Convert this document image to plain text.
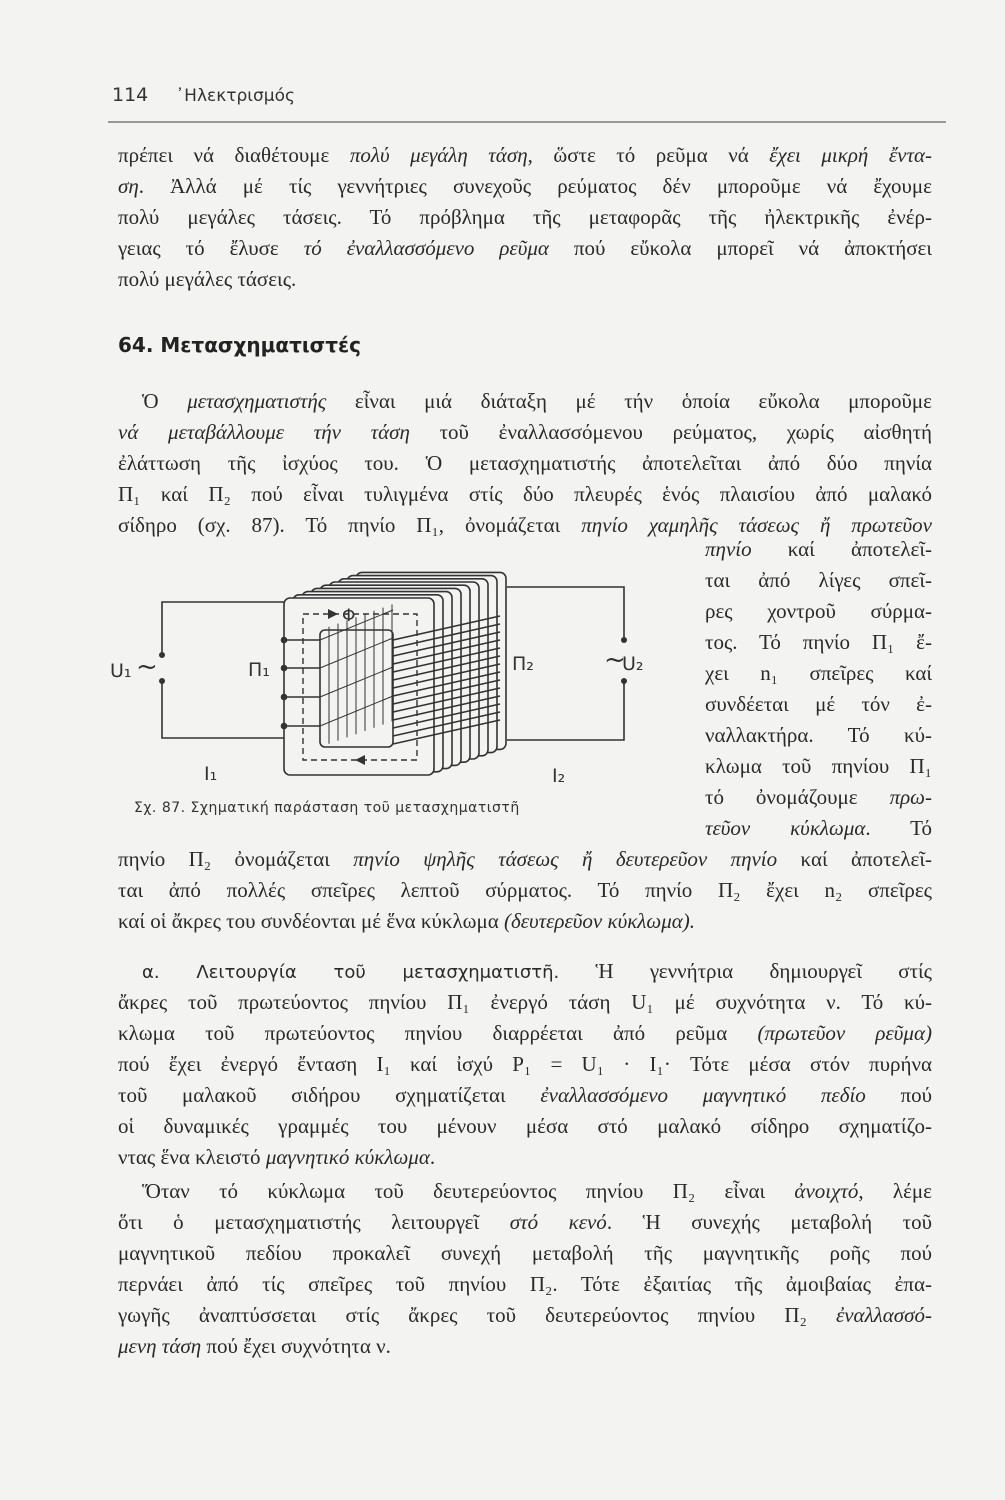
114 ᾽Ηλεκτρισμός
64. Μετασχηματιστές
πρέπει νά διαθέτουμε πολύ μεγάλη τάση, ὥστε τό ρεῦμα νά ἔχει μικρή ἔντα-
ση. Ἀλλά μέ τίς γεννήτριες συνεχοῦς ρεύματος δέν μποροῦμε νά ἔχουμε
πολύ μεγάλες τάσεις. Τό πρόβλημα τῆς μεταφορᾶς τῆς ἠλεκτρικῆς ἐνέρ-
γειας τό ἔλυσε τό ἐναλλασσόμενο ρεῦμα πού εὔκολα μπορεῖ νά ἀποκτήσει
πολύ μεγάλες τάσεις.
Ὁ μετασχηματιστής εἶναι μιά διάταξη μέ τήν ὁποία εὔκολα μποροῦμε
νά μεταβάλλουμε τήν τάση τοῦ ἐναλλασσόμενου ρεύματος, χωρίς αἰσθητή
ἐλάττωση τῆς ἰσχύος του. Ὁ μετασχηματιστής ἀποτελεῖται ἀπό δύο πηνία
Π₁ καί Π₂ πού εἶναι τυλιγμένα στίς δύο πλευρές ἑνός πλαισίου ἀπό μαλακό
σίδηρο (σχ. 87). Τό πηνίο Π₁, ὀνομάζεται πηνίο χαμηλῆς τάσεως ἤ πρωτεῦον
πηνίο καί ἀποτελεῖ-
ται ἀπό λίγες σπεῖ-
ρες χοντροῦ σύρμα-
τος. Τό πηνίο Π₁ ἔ-
χει n₁ σπεῖρες καί
συνδέεται μέ τόν ἐ-
ναλλακτήρα. Τό κύ-
κλωμα τοῦ πηνίου Π₁
τό ὀνομάζουμε πρω-
τεῦον κύκλωμα. Τό
πηνίο Π₂ ὀνομάζεται πηνίο ψηλῆς τάσεως ἤ δευτερεῦον πηνίο καί ἀποτελεῖ-
ται ἀπό πολλές σπεῖρες λεπτοῦ σύρματος. Τό πηνίο Π₂ ἔχει n₂ σπεῖρες
καί οἱ ἄκρες του συνδέονται μέ ἕνα κύκλωμα (δευτερεῦον κύκλωμα).
α. Λειτουργία τοῦ μετασχηματιστῆ. Ἡ γεννήτρια δημιουργεῖ στίς
ἄκρες τοῦ πρωτεύοντος πηνίου Π₁ ἐνεργό τάση U₁ μέ συχνότητα ν. Τό κύ-
κλωμα τοῦ πρωτεύοντος πηνίου διαρρέεται ἀπό ρεῦμα (πρωτεῦον ρεῦμα)
πού ἔχει ἐνεργό ἔνταση I₁ καί ἰσχύ P₁ = U₁ · I₁· Τότε μέσα στόν πυρήνα
τοῦ μαλακοῦ σιδήρου σχηματίζεται ἐναλλασσόμενο μαγνητικό πεδίο πού
οἱ δυναμικές γραμμές του μένουν μέσα στό μαλακό σίδηρο σχηματίζο-
ντας ἕνα κλειστό μαγνητικό κύκλωμα.
Ὅταν τό κύκλωμα τοῦ δευτερεύοντος πηνίου Π₂ εἶναι ἀνοιχτό, λέμε
ὅτι ὁ μετασχηματιστής λειτουργεῖ στό κενό. Ἡ συνεχής μεταβολή τοῦ
μαγνητικοῦ πεδίου προκαλεῖ συνεχή μεταβολή τῆς μαγνητικῆς ροῆς πού
περνάει ἀπό τίς σπεῖρες τοῦ πηνίου Π₂. Τότε ἐξαιτίας τῆς ἀμοιβαίας ἐπα-
γωγῆς ἀναπτύσσεται στίς ἄκρες τοῦ δευτερεύοντος πηνίου Π₂ ἐναλλασσό-
μενη τάση πού ἔχει συχνότητα ν.
U₁ ~	Π₁	Π₂	~
U₂
I₁	I₂
Φ
Σχ. 87. Σχηματική παράσταση τοῦ μετασχηματιστῆ
